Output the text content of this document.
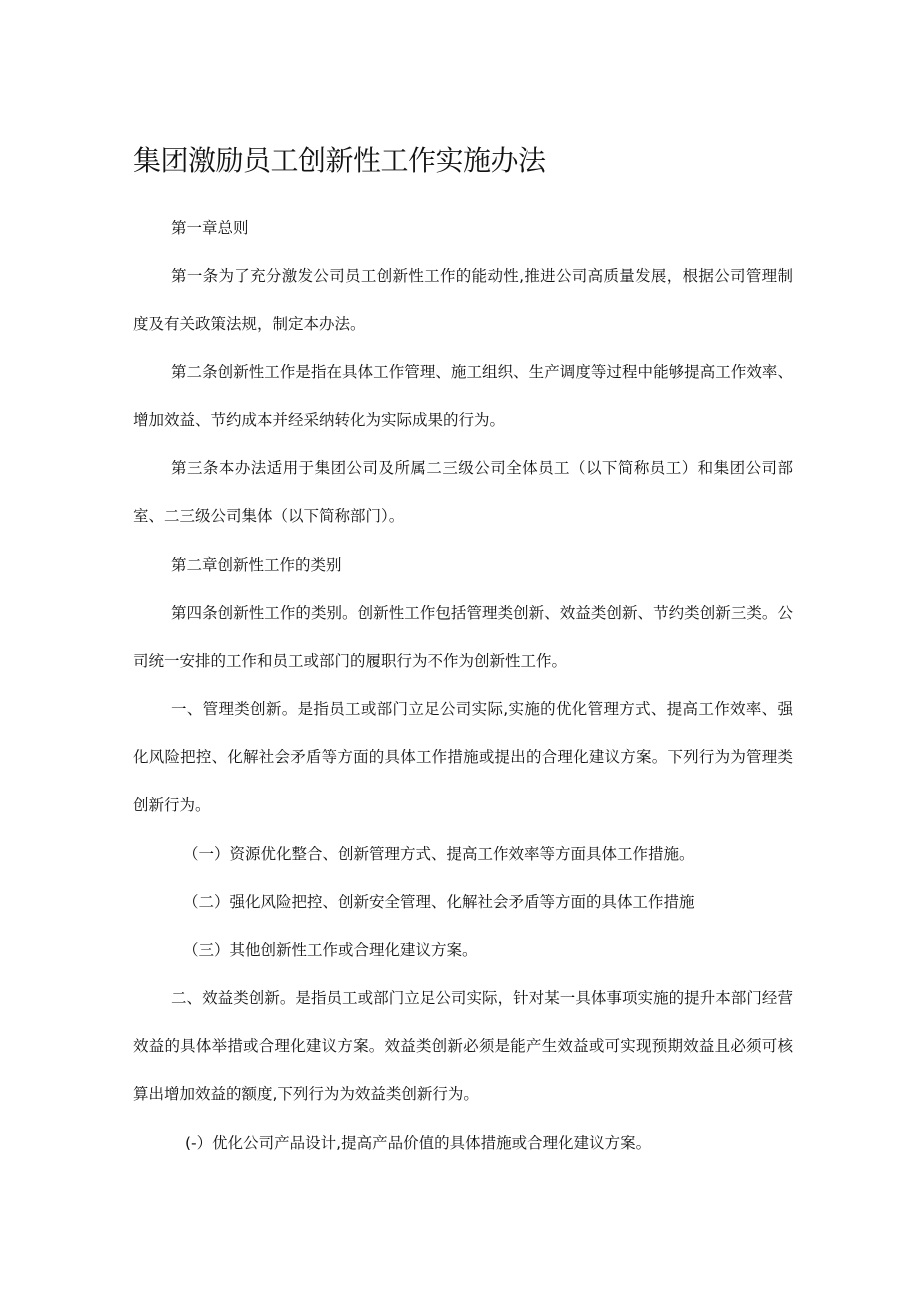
集团激励员工创新性工作实施办法
第一章总则
第一条为了充分激发公司员工创新性工作的能动性,推进公司高质量发展，根据公司管理制度及有关政策法规，制定本办法。
第二条创新性工作是指在具体工作管理、施工组织、生产调度等过程中能够提高工作效率、增加效益、节约成本并经采纳转化为实际成果的行为。
第三条本办法适用于集团公司及所属二三级公司全体员工（以下简称员工）和集团公司部室、二三级公司集体（以下简称部门）。
第二章创新性工作的类别
第四条创新性工作的类别。创新性工作包括管理类创新、效益类创新、节约类创新三类。公司统一安排的工作和员工或部门的履职行为不作为创新性工作。
一、管理类创新。是指员工或部门立足公司实际,实施的优化管理方式、提高工作效率、强化风险把控、化解社会矛盾等方面的具体工作措施或提出的合理化建议方案。下列行为为管理类创新行为。
（一）资源优化整合、创新管理方式、提高工作效率等方面具体工作措施。
（二）强化风险把控、创新安全管理、化解社会矛盾等方面的具体工作措施
（三）其他创新性工作或合理化建议方案。
二、效益类创新。是指员工或部门立足公司实际，针对某一具体事项实施的提升本部门经营效益的具体举措或合理化建议方案。效益类创新必须是能产生效益或可实现预期效益且必须可核算出增加效益的额度,下列行为为效益类创新行为。
(-）优化公司产品设计,提高产品价值的具体措施或合理化建议方案。
